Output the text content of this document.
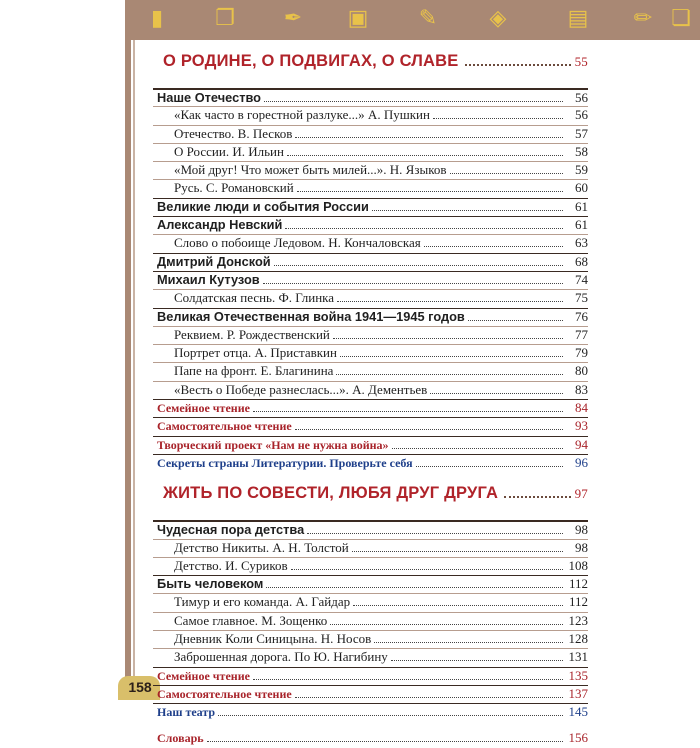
▮	❐ ✒ ▣ ✎ ◈	▤ ✏ ❏
158
О РОДИНЕ, О ПОДВИГАХ, О СЛАВЕ	55
Наше Отечество	56
«Как часто в горестной разлуке...» А. Пушкин	56
Отечество. В. Песков	57
О России. И. Ильин	58
«Мой друг! Что может быть милей...». Н. Языков	59
Русь. С. Романовский	60
Великие люди и события России	61
Александр Невский	61
Слово о побоище Ледовом. Н. Кончаловская	63
Дмитрий Донской	68
Михаил Кутузов	74
Солдатская песнь. Ф. Глинка	75
Великая Отечественная война 1941—1945 годов	76
Реквием. Р. Рождественский	77
Портрет отца. А. Приставкин	79
Папе на фронт. Е. Благинина	80
«Весть о Победе разнеслась...». А. Дементьев	83
Семейное чтение	84
Самостоятельное чтение	93
Творческий проект «Нам не нужна война»	94
Секреты страны Литературии. Проверьте себя	96
ЖИТЬ ПО СОВЕСТИ, ЛЮБЯ ДРУГ ДРУГА	97
Чудесная пора детства	98
Детство Никиты. А. Н. Толстой	98
Детство. И. Суриков	108
Быть человеком	112
Тимур и его команда. А. Гайдар	112
Самое главное. М. Зощенко	123
Дневник Коли Синицына. Н. Носов	128
Заброшенная дорога. По Ю. Нагибину	131
Семейное чтение	135
Самостоятельное чтение	137
Наш театр	145
Словарь	156
